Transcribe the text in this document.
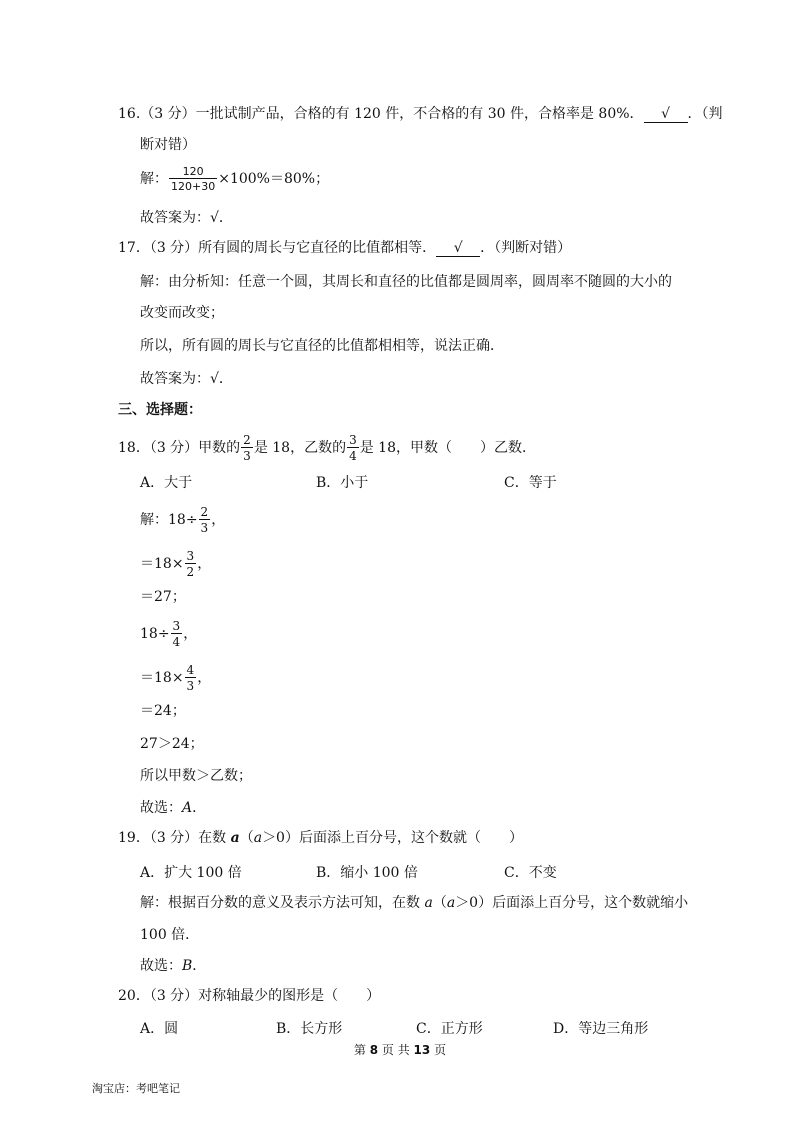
16.（3 分）一批试制产品，合格的有 120 件，不合格的有 30 件，合格率是 80%． √ ．（判
断对错）
解： $\frac{120}{120+30} \times 100\%=80\%$；
故答案为：√．
17．（3 分）所有圆的周长与它直径的比值都相等． √ ．（判断对错）
解：由分析知：任意一个圆，其周长和直径的比值都是圆周率，圆周率不随圆的大小的
改变而改变；
所以，所有圆的周长与它直径的比值都相相等，说法正确．
故答案为：√．
三、选择题：
18．（3 分）甲数的 $\frac{2}{3}$ 是 18，乙数的 $\frac{3}{4}$ 是 18，甲数（　　）乙数．
A．大于	B．小于	C．等于
解：$18\div \frac{2}{3}$ ，
$=18\times \frac{3}{2}$ ，
＝27；
$18\div \frac{3}{4}$ ，
$=18\times \frac{4}{3}$ ，
＝24；
27＞24；
所以甲数＞乙数；
故选：A．
19．（3 分）在数 a（a＞0）后面添上百分号，这个数就（　　）
A．扩大 100 倍	B．缩小 100 倍	C．不变
解：根据百分数的意义及表示方法可知，在数 a（a＞0）后面添上百分号，这个数就缩小
100 倍．
故选：B．
20．（3 分）对称轴最少的图形是（　　）
A．圆	B．长方形	C．正方形	D．等边三角形
第 8 页 共 13 页
淘宝店：考吧笔记
